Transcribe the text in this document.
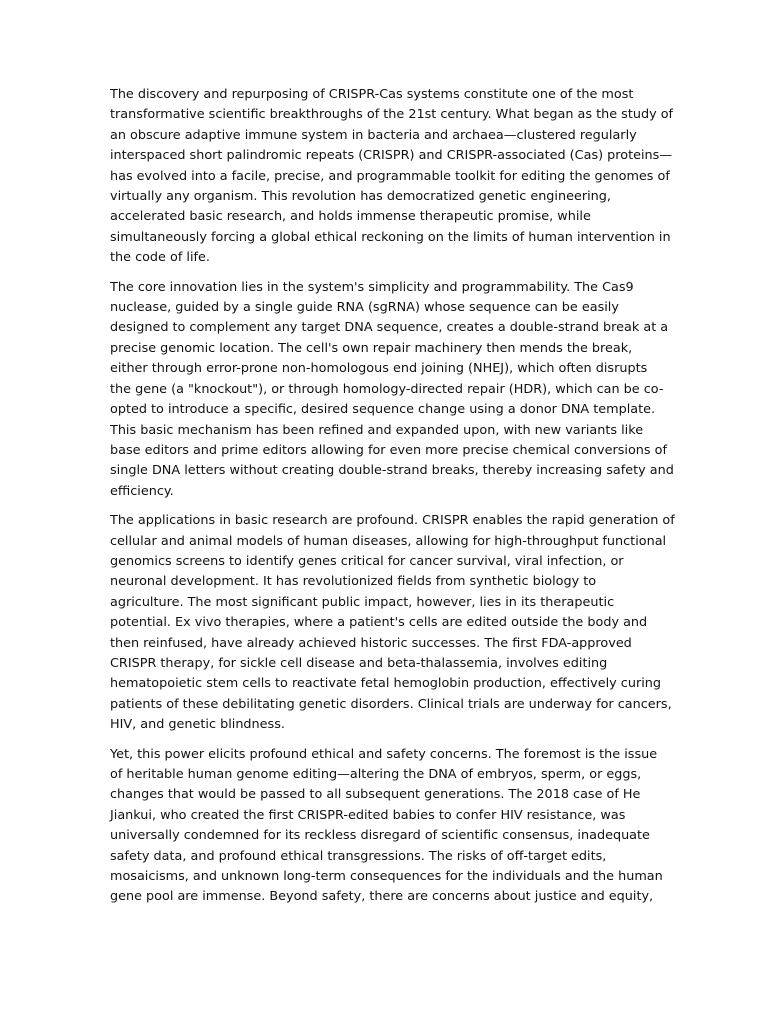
The discovery and repurposing of CRISPR-Cas systems constitute one of the most
transformative scientific breakthroughs of the 21st century. What began as the study of
an obscure adaptive immune system in bacteria and archaea—clustered regularly
interspaced short palindromic repeats (CRISPR) and CRISPR-associated (Cas) proteins—
has evolved into a facile, precise, and programmable toolkit for editing the genomes of
virtually any organism. This revolution has democratized genetic engineering,
accelerated basic research, and holds immense therapeutic promise, while
simultaneously forcing a global ethical reckoning on the limits of human intervention in
the code of life.

The core innovation lies in the system's simplicity and programmability. The Cas9
nuclease, guided by a single guide RNA (sgRNA) whose sequence can be easily
designed to complement any target DNA sequence, creates a double-strand break at a
precise genomic location. The cell's own repair machinery then mends the break,
either through error-prone non-homologous end joining (NHEJ), which often disrupts
the gene (a "knockout"), or through homology-directed repair (HDR), which can be co-
opted to introduce a specific, desired sequence change using a donor DNA template.
This basic mechanism has been refined and expanded upon, with new variants like
base editors and prime editors allowing for even more precise chemical conversions of
single DNA letters without creating double-strand breaks, thereby increasing safety and
efficiency.

The applications in basic research are profound. CRISPR enables the rapid generation of
cellular and animal models of human diseases, allowing for high-throughput functional
genomics screens to identify genes critical for cancer survival, viral infection, or
neuronal development. It has revolutionized fields from synthetic biology to
agriculture. The most significant public impact, however, lies in its therapeutic
potential. Ex vivo therapies, where a patient's cells are edited outside the body and
then reinfused, have already achieved historic successes. The first FDA-approved
CRISPR therapy, for sickle cell disease and beta-thalassemia, involves editing
hematopoietic stem cells to reactivate fetal hemoglobin production, effectively curing
patients of these debilitating genetic disorders. Clinical trials are underway for cancers,
HIV, and genetic blindness.

Yet, this power elicits profound ethical and safety concerns. The foremost is the issue
of heritable human genome editing—altering the DNA of embryos, sperm, or eggs,
changes that would be passed to all subsequent generations. The 2018 case of He
Jiankui, who created the first CRISPR-edited babies to confer HIV resistance, was
universally condemned for its reckless disregard of scientific consensus, inadequate
safety data, and profound ethical transgressions. The risks of off-target edits,
mosaicisms, and unknown long-term consequences for the individuals and the human
gene pool are immense. Beyond safety, there are concerns about justice and equity,
